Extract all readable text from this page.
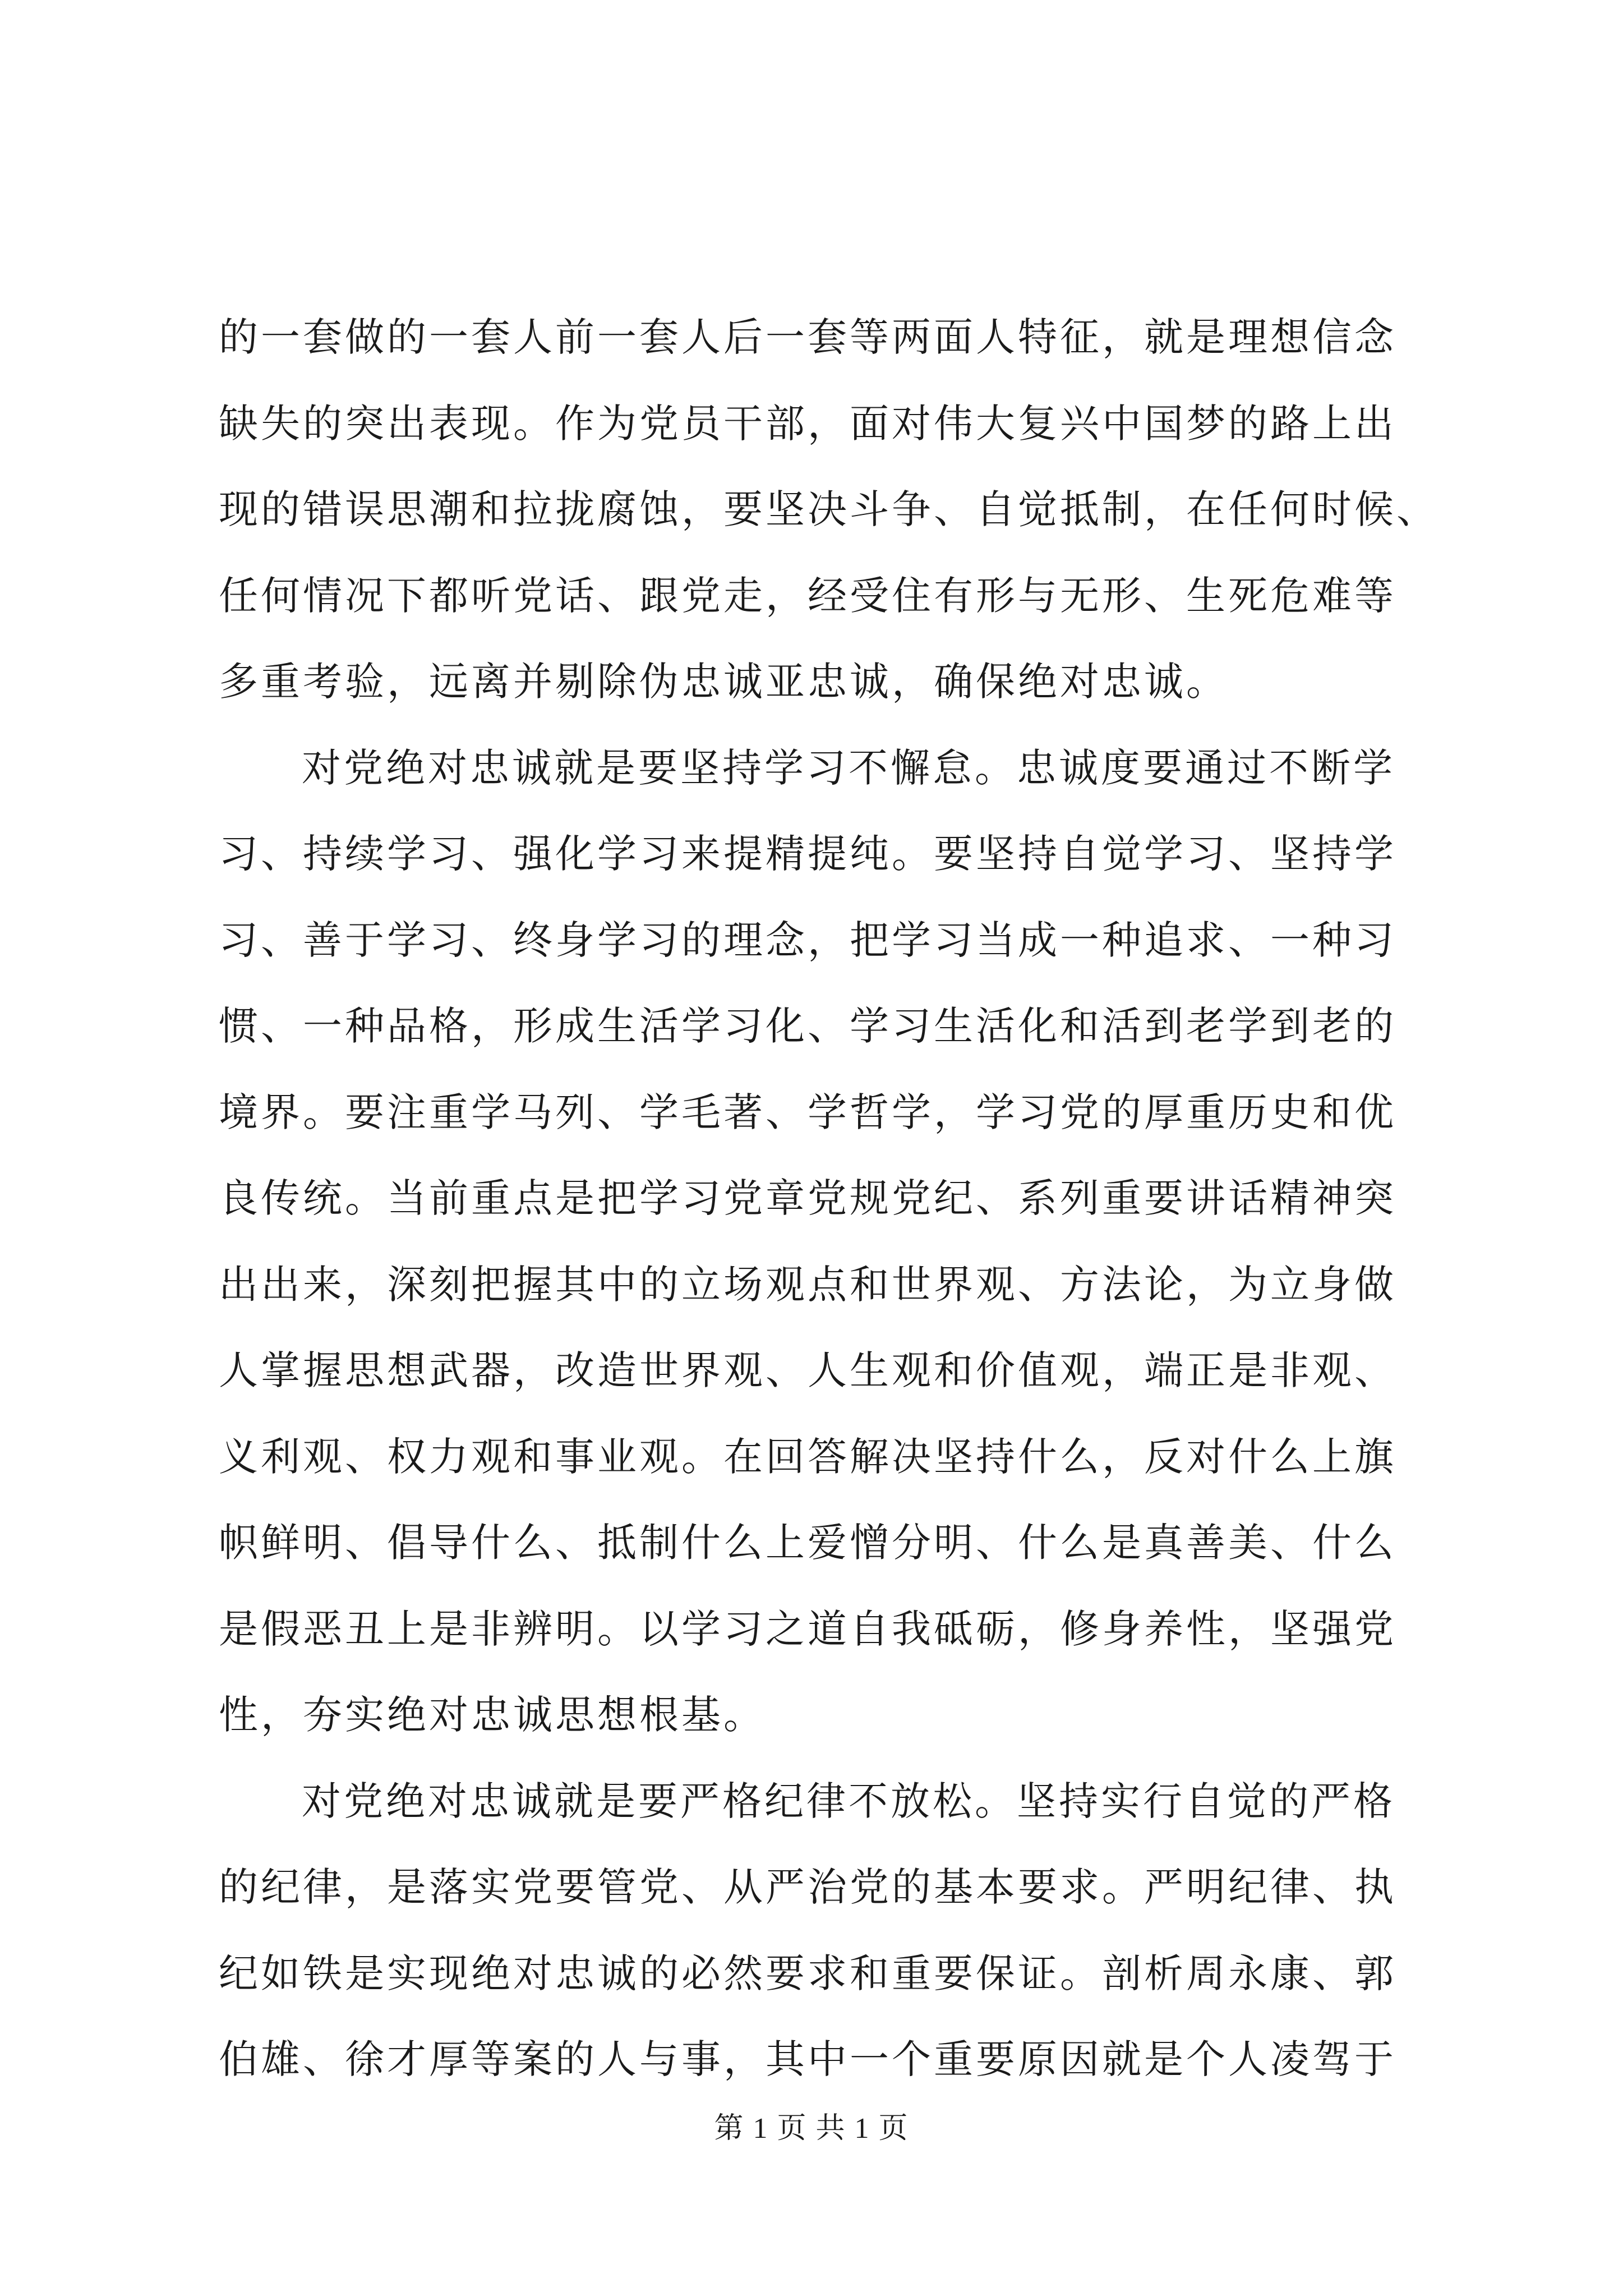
的一套做的一套人前一套人后一套等两面人特征，就是理想信念
缺失的突出表现。作为党员干部，面对伟大复兴中国梦的路上出
现的错误思潮和拉拢腐蚀，要坚决斗争、自觉抵制，在任何时候、
任何情况下都听党话、跟党走，经受住有形与无形、生死危难等
多重考验，远离并剔除伪忠诚亚忠诚，确保绝对忠诚。
对党绝对忠诚就是要坚持学习不懈怠。忠诚度要通过不断学
习、持续学习、强化学习来提精提纯。要坚持自觉学习、坚持学
习、善于学习、终身学习的理念，把学习当成一种追求、一种习
惯、一种品格，形成生活学习化、学习生活化和活到老学到老的
境界。要注重学马列、学毛著、学哲学，学习党的厚重历史和优
良传统。当前重点是把学习党章党规党纪、系列重要讲话精神突
出出来，深刻把握其中的立场观点和世界观、方法论，为立身做
人掌握思想武器，改造世界观、人生观和价值观，端正是非观、
义利观、权力观和事业观。在回答解决坚持什么，反对什么上旗
帜鲜明、倡导什么、抵制什么上爱憎分明、什么是真善美、什么
是假恶丑上是非辨明。以学习之道自我砥砺，修身养性，坚强党
性，夯实绝对忠诚思想根基。
对党绝对忠诚就是要严格纪律不放松。坚持实行自觉的严格
的纪律，是落实党要管党、从严治党的基本要求。严明纪律、执
纪如铁是实现绝对忠诚的必然要求和重要保证。剖析周永康、郭
伯雄、徐才厚等案的人与事，其中一个重要原因就是个人凌驾于
第 1 页 共 1 页
